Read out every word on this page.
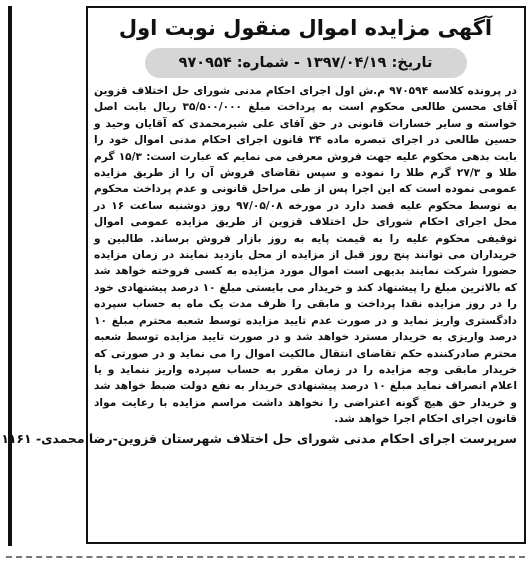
آگهی مزایده اموال منقول نوبت اول
تاریخ: ۱۳۹۷/۰۴/۱۹ - شماره: ۹۷۰۹۵۴
در پرونده کلاسه ۹۷۰۵۹۴ م.ش اول اجرای احکام مدنی شورای حل اختلاف قزوین آقای محسن طالعی محکوم است به پرداخت مبلغ ۳۵/۵۰۰/۰۰۰ ریال بابت اصل خواسته و سایر خسارات قانونی در حق آقای علی شیرمحمدی که آقایان وحید و حسین طالعی در اجرای تبصره ماده ۳۴ قانون اجرای احکام مدنی اموال خود را بابت بدهی محکوم علیه جهت فروش معرفی می نمایم که عبارت است: ۱۵/۳ گرم طلا و ۲۷/۳ گرم طلا را نموده و سپس تقاضای فروش آن را از طریق مزایده عمومی نموده است که این اجرا پس از طی مراحل قانونی و عدم پرداخت محکوم به توسط محکوم علیه قصد دارد در مورخه ۹۷/۰۵/۰۸ روز دوشنبه ساعت ۱۶ در محل اجرای احکام شورای حل اختلاف قزوین از طریق مزایده عمومی اموال توقیفی محکوم علیه را به قیمت پایه به روز بازار فروش برساند. طالبین و خریداران می توانند پنج روز قبل از مزایده از محل بازدید نمایند در زمان مزایده حضورا شرکت نمایند بدیهی است اموال مورد مزایده به کسی فروخته خواهد شد که بالاترین مبلغ را پیشنهاد کند و خریدار می بایستی مبلغ ۱۰ درصد پیشنهادی خود را در روز مزایده نقدا پرداخت و مابقی را ظرف مدت یک ماه به حساب سپرده دادگستری واریز نماید و در صورت عدم تایید مزایده توسط شعبه محترم مبلغ ۱۰ درصد واریزی به خریدار مسترد خواهد شد و در صورت تایید مزایده توسط شعبه محترم صادرکننده حکم تقاضای انتقال مالکیت اموال را می نماید و در صورتی که خریدار مابقی وجه مزایده را در زمان مقرر به حساب سپرده واریز ننماید و یا اعلام انصراف نماید مبلغ ۱۰ درصد پیشنهادی خریدار به نفع دولت ضبط خواهد شد و خریدار حق هیچ گونه اعتراضی را نخواهد داشت مراسم مزایده با رعایت مواد قانون اجرای احکام اجرا خواهد شد.
سرپرست اجرای احکام مدنی شورای حل اختلاف شهرستان قزوین-رضا محمدی- ۱۱۶۱
